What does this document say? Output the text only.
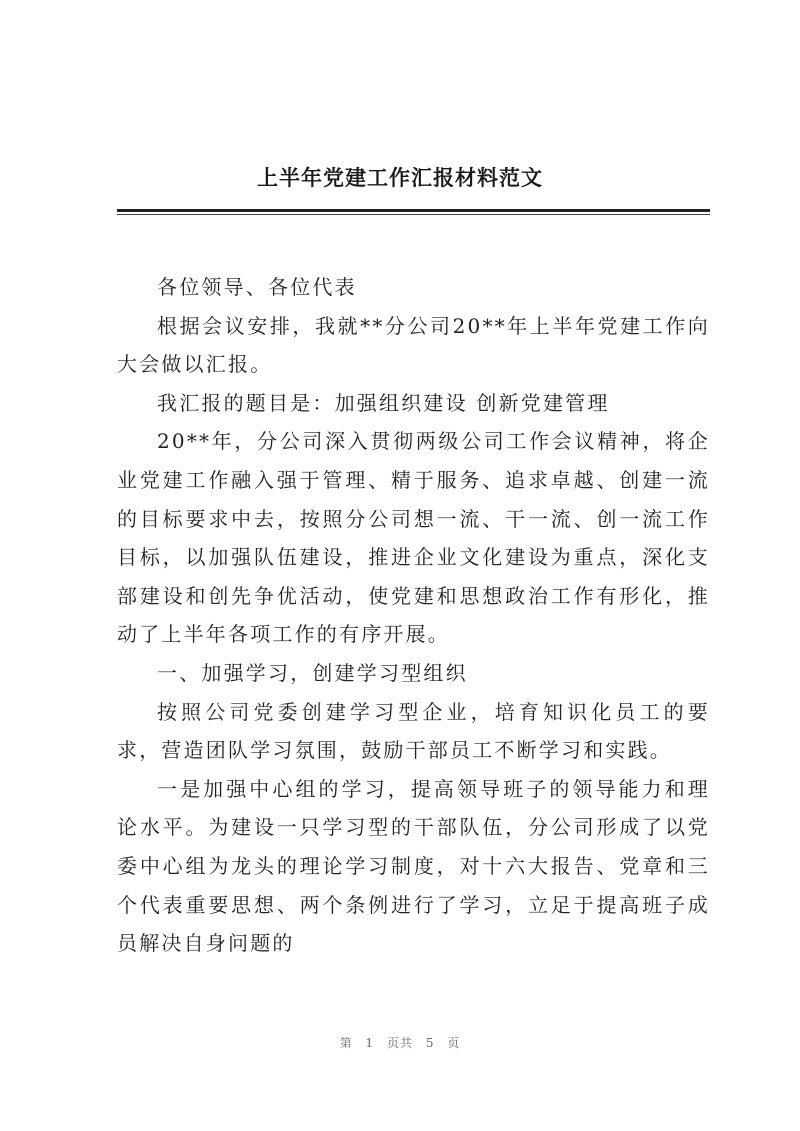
上半年党建工作汇报材料范文

各位领导、各位代表

根据会议安排，我就**分公司20**年上半年党建工作向大会做以汇报。

我汇报的题目是：加强组织建设 创新党建管理

20**年，分公司深入贯彻两级公司工作会议精神，将企业党建工作融入强于管理、精于服务、追求卓越、创建一流的目标要求中去，按照分公司想一流、干一流、创一流工作目标，以加强队伍建设，推进企业文化建设为重点，深化支部建设和创先争优活动，使党建和思想政治工作有形化，推动了上半年各项工作的有序开展。

一、加强学习，创建学习型组织

按照公司党委创建学习型企业，培育知识化员工的要求，营造团队学习氛围，鼓励干部员工不断学习和实践。

一是加强中心组的学习，提高领导班子的领导能力和理论水平。为建设一只学习型的干部队伍，分公司形成了以党委中心组为龙头的理论学习制度，对十六大报告、党章和三个代表重要思想、两个条例进行了学习，立足于提高班子成员解决自身问题的

第 1 页共 5 页
